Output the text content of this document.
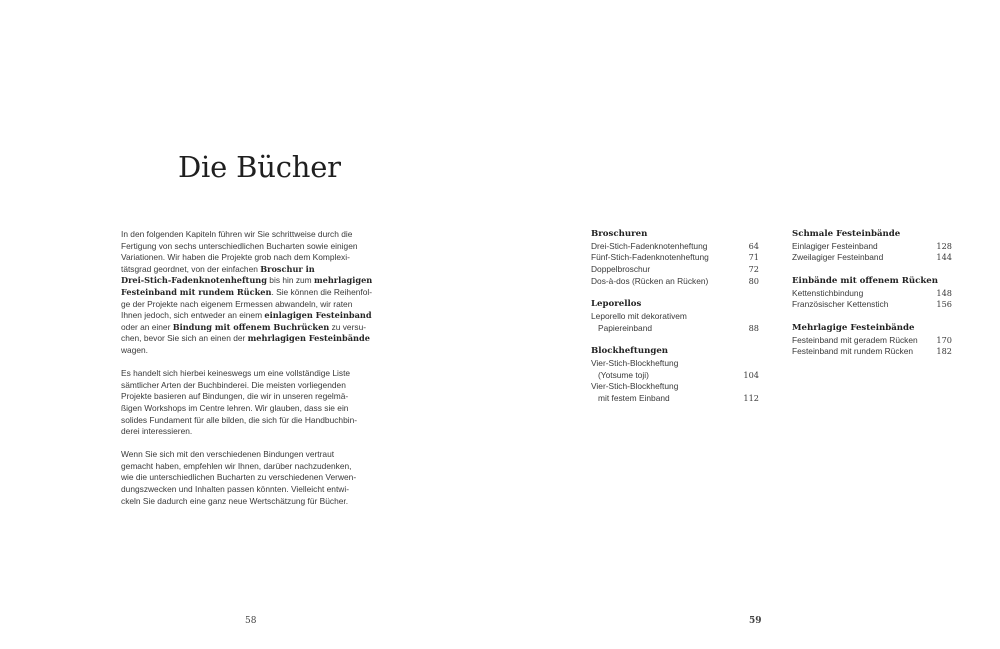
Die Bücher

In den folgenden Kapiteln führen wir Sie schrittweise durch die
Fertigung von sechs unterschiedlichen Bucharten sowie einigen
Variationen. Wir haben die Projekte grob nach dem Komplexi-
tätsgrad geordnet, von der einfachen Broschur in
Drei-Stich-Fadenknotenheftung bis hin zum mehrlagigen
Festeinband mit rundem Rücken. Sie können die Reihenfol-
ge der Projekte nach eigenem Ermessen abwandeln, wir raten
Ihnen jedoch, sich entweder an einem einlagigen Festeinband
oder an einer Bindung mit offenem Buchrücken zu versu-
chen, bevor Sie sich an einen der mehrlagigen Festeinbände
wagen.

Es handelt sich hierbei keineswegs um eine vollständige Liste
sämtlicher Arten der Buchbinderei. Die meisten vorliegenden
Projekte basieren auf Bindungen, die wir in unseren regelmä-
ßigen Workshops im Centre lehren. Wir glauben, dass sie ein
solides Fundament für alle bilden, die sich für die Handbuchbin-
derei interessieren.

Wenn Sie sich mit den verschiedenen Bindungen vertraut
gemacht haben, empfehlen wir Ihnen, darüber nachzudenken,
wie die unterschiedlichen Bucharten zu verschiedenen Verwen-
dungszwecken und Inhalten passen könnten. Vielleicht entwi-
ckeln Sie dadurch eine ganz neue Wertschätzung für Bücher.

58
Broschuren
Drei-Stich-Fadenknotenheftung	64
Fünf-Stich-Fadenknotenheftung	71
Doppelbroschur	72
Dos-à-dos (Rücken an Rücken)	80
Leporellos
Leporello mit dekorativem
Papiereinband	88
Blockheftungen
Vier-Stich-Blockheftung
(Yotsume toji)	104
Vier-Stich-Blockheftung
mit festem Einband	112
Schmale Festeinbände
Einlagiger Festeinband	128
Zweilagiger Festeinband	144
Einbände mit offenem Rücken
Kettenstichbindung	148
Französischer Kettenstich	156
Mehrlagige Festeinbände
Festeinband mit geradem Rücken 170
Festeinband mit rundem Rücken	182
59
